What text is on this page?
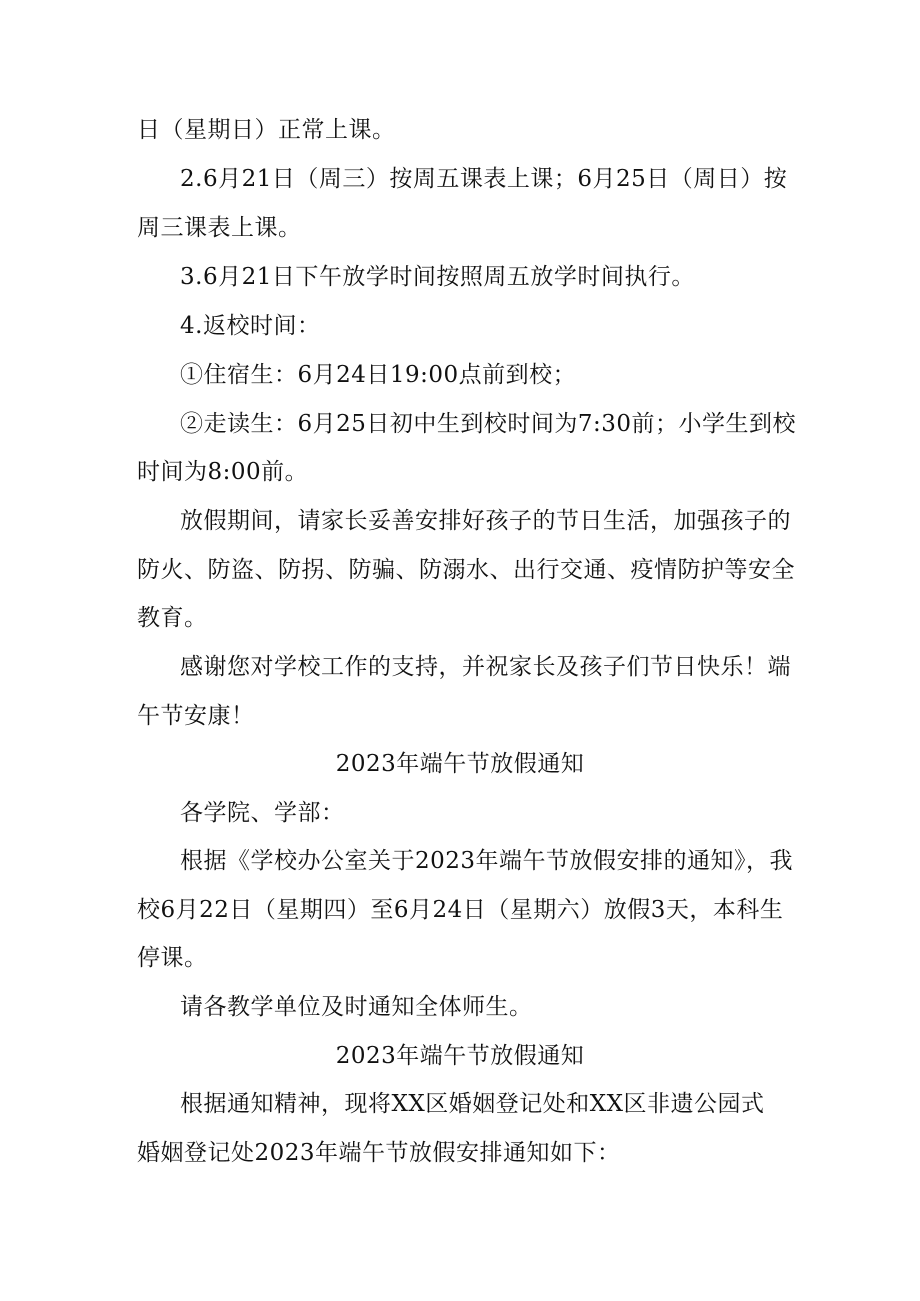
日（星期日）正常上课。
2.6月21日（周三）按周五课表上课；6月25日（周日）按
周三课表上课。
3.6月21日下午放学时间按照周五放学时间执行。
4.返校时间：
①住宿生：6月24日19:00点前到校；
②走读生：6月25日初中生到校时间为7:30前；小学生到校
时间为8:00前。
放假期间，请家长妥善安排好孩子的节日生活，加强孩子的
防火、防盗、防拐、防骗、防溺水、出行交通、疫情防护等安全
教育。
感谢您对学校工作的支持，并祝家长及孩子们节日快乐！端
午节安康！
2023年端午节放假通知
各学院、学部：
根据《学校办公室关于2023年端午节放假安排的通知》，我
校6月22日（星期四）至6月24日（星期六）放假3天，本科生
停课。
请各教学单位及时通知全体师生。
2023年端午节放假通知
根据通知精神，现将XX区婚姻登记处和XX区非遗公园式
婚姻登记处2023年端午节放假安排通知如下：
